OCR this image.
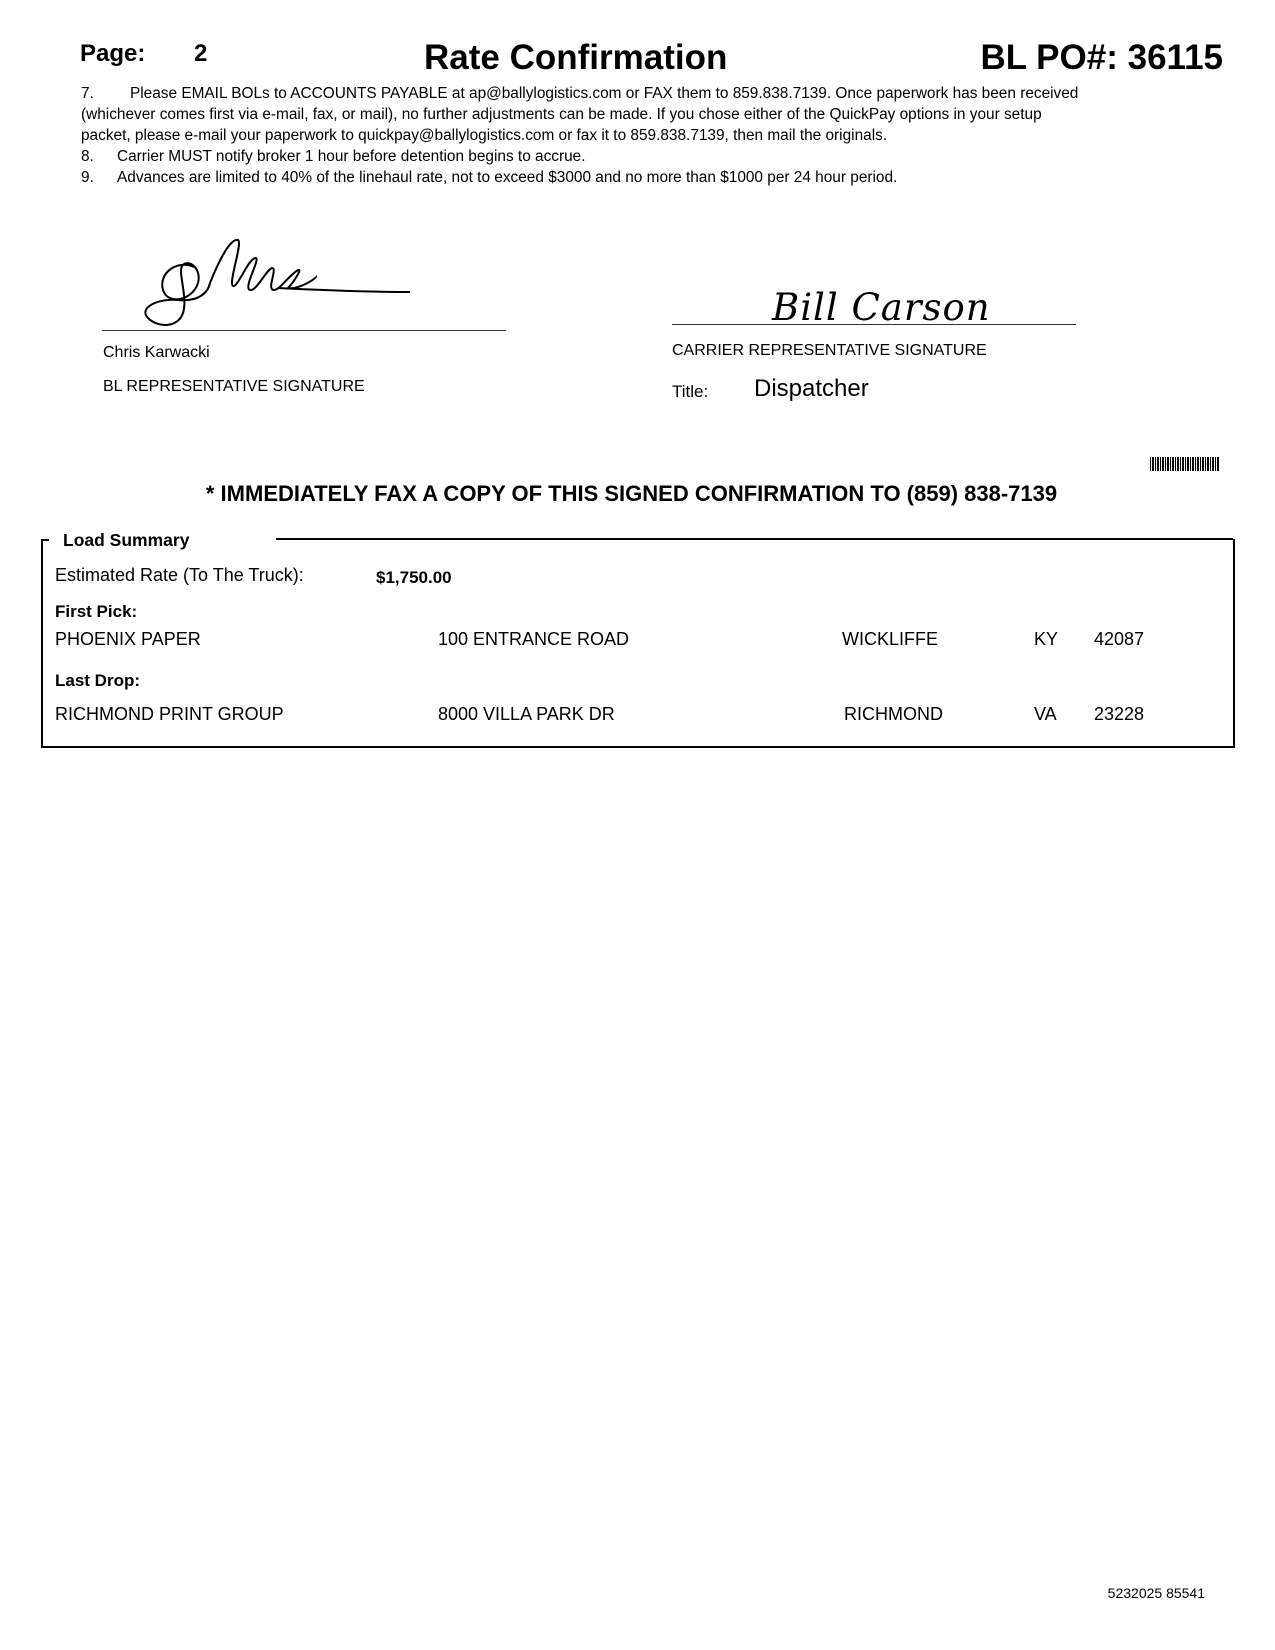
Page: 2	Rate Confirmation	BL PO#: 36115

7. Please EMAIL BOLs to ACCOUNTS PAYABLE at ap@ballylogistics.com or FAX them to 859.838.7139. Once paperwork has been received (whichever comes first via e-mail, fax, or mail), no further adjustments can be made. If you chose either of the QuickPay options in your setup packet, please e-mail your paperwork to quickpay@ballylogistics.com or fax it to 859.838.7139, then mail the originals.

8. Carrier MUST notify broker 1 hour before detention begins to accrue.

9. Advances are limited to 40% of the linehaul rate, not to exceed $3000 and no more than $1000 per 24 hour period.

Chris Karwacki
BL REPRESENTATIVE SIGNATURE
Bill Carson
CARRIER REPRESENTATIVE SIGNATURE
Title: Dispatcher
* IMMEDIATELY FAX A COPY OF THIS SIGNED CONFIRMATION TO (859) 838-7139
Load Summary
Estimated Rate (To The Truck):	$1,750.00
First Pick:
PHOENIX PAPER	100 ENTRANCE ROAD	WICKLIFFE	KY 42087
Last Drop:
RICHMOND PRINT GROUP	8000 VILLA PARK DR	RICHMOND	VA 23228
5232025 85541
